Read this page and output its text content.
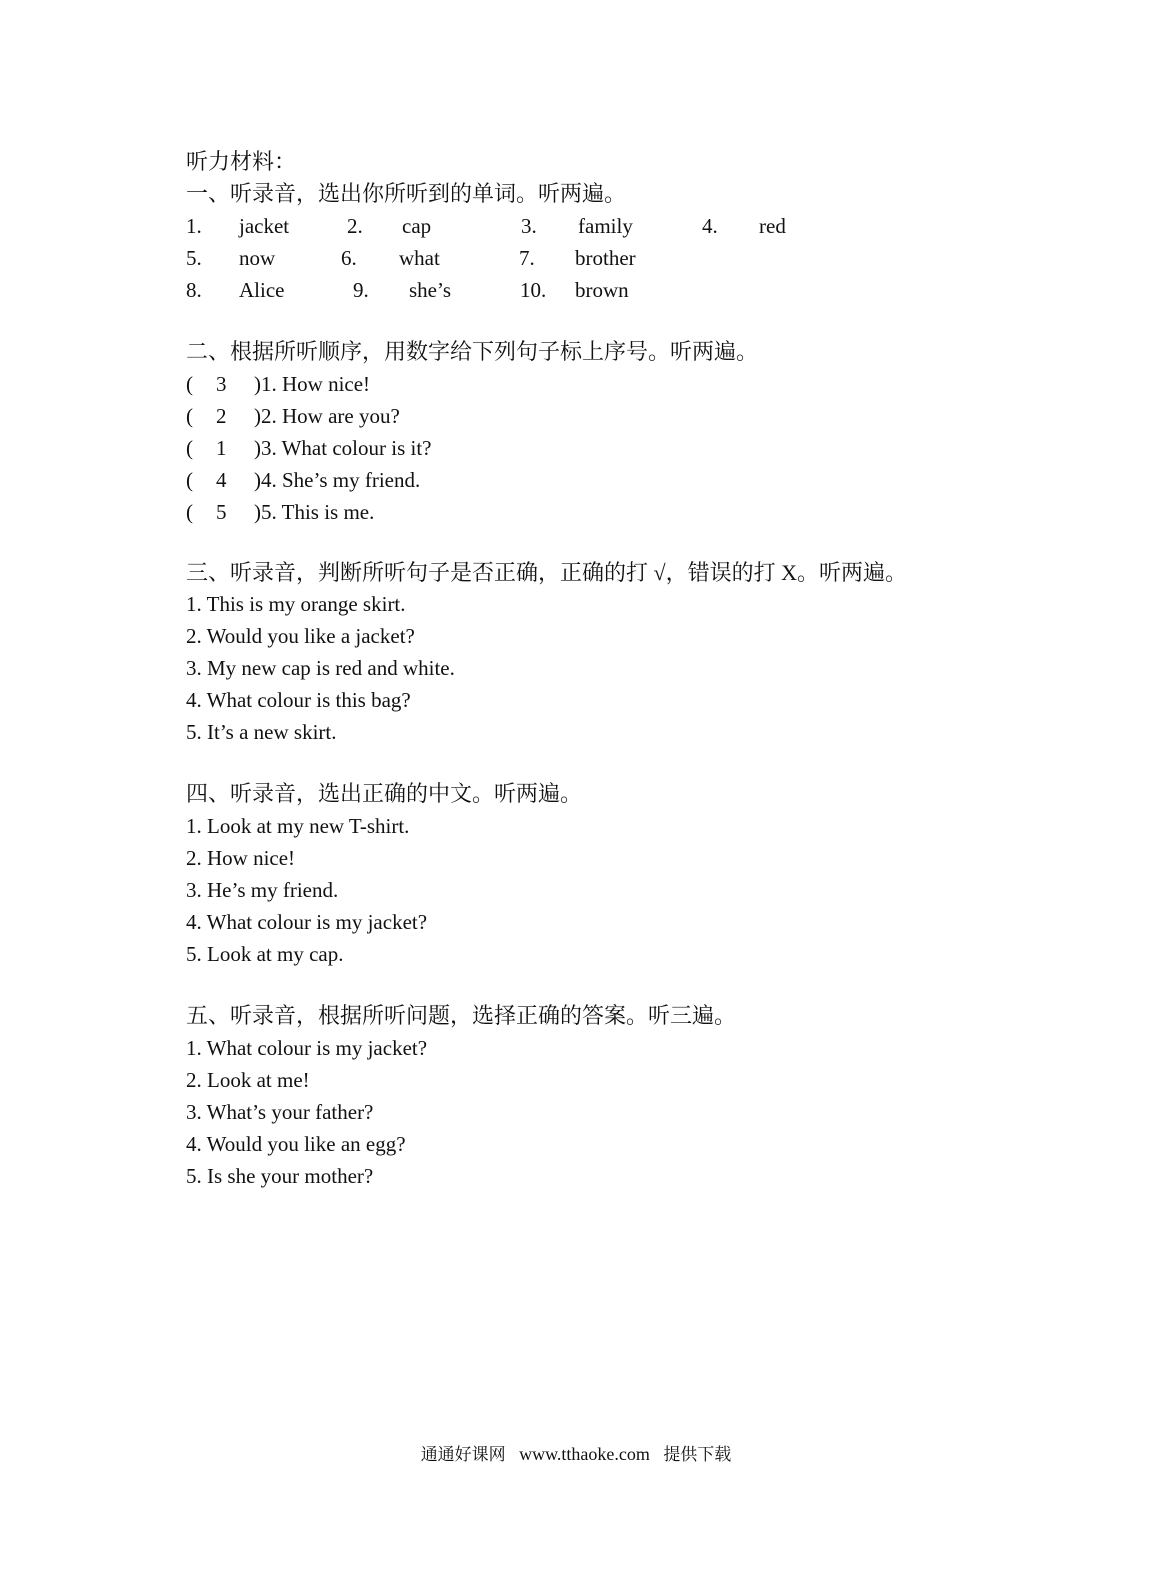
听力材料：
一、听录音，选出你所听到的单词。听两遍。
1. jacket	2. cap	3. family	4. red
5. now	6. what	7. brother
8. Alice	9. she’s	10. brown
二、根据所听顺序，用数字给下列句子标上序号。听两遍。
( 3 )1. How nice!
( 2 )2. How are you?
( 1 )3. What colour is it?
( 4 )4. She’s my friend.
( 5 )5. This is me.
三、听录音，判断所听句子是否正确，正确的打 √，错误的打 X。听两遍。
1. This is my orange skirt.
2. Would you like a jacket?
3. My new cap is red and white.
4. What colour is this bag?
5. It’s a new skirt.
四、听录音，选出正确的中文。听两遍。
1. Look at my new T-shirt.
2. How nice!
3. He’s my friend.
4. What colour is my jacket?
5. Look at my cap.
五、听录音，根据所听问题，选择正确的答案。听三遍。
1. What colour is my jacket?
2. Look at me!
3. What’s your father?
4. Would you like an egg?
5. Is she your mother?
通通好课网 www.tthaoke.com 提供下载
